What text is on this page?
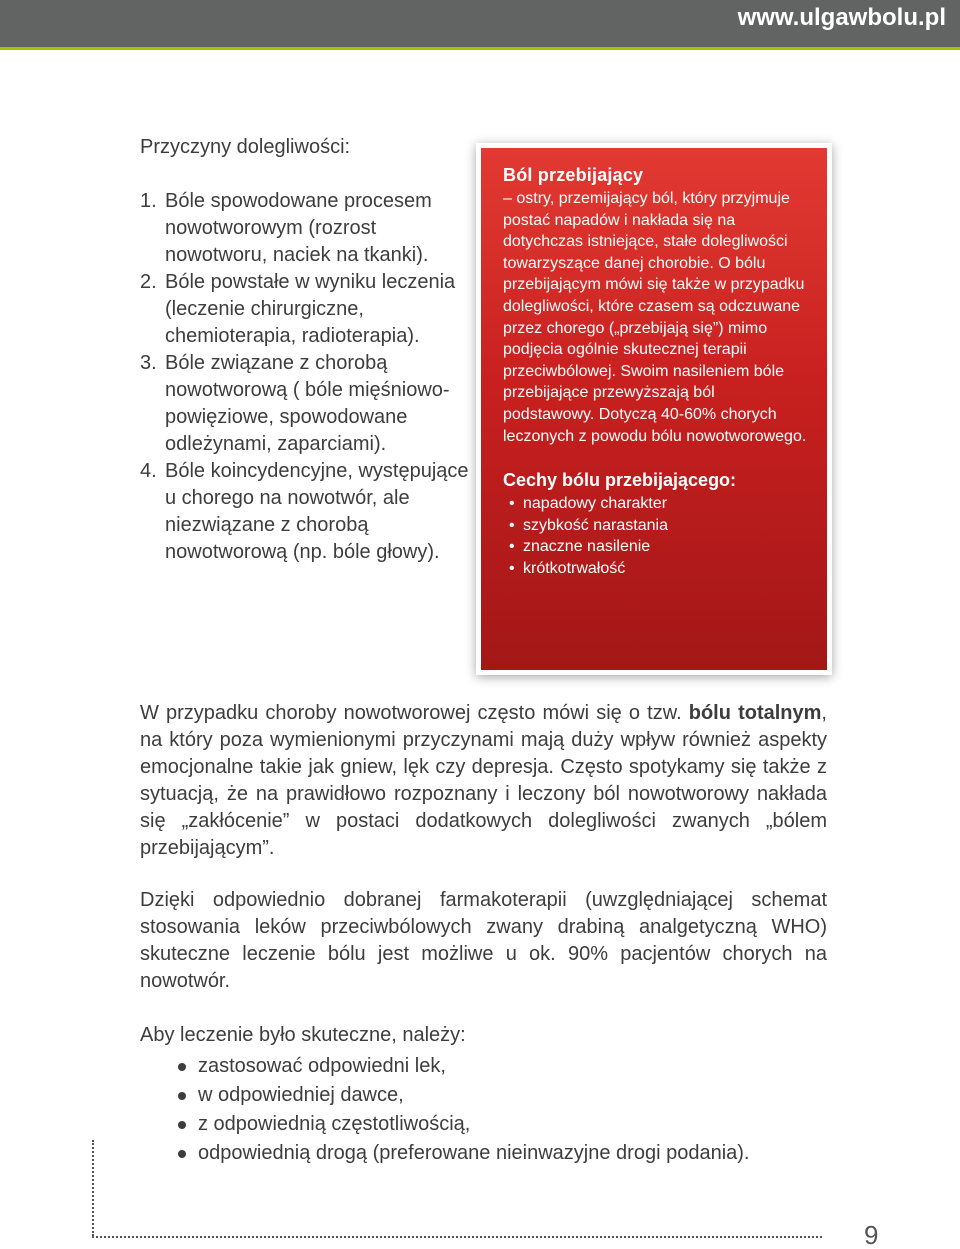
www.ulgawbolu.pl
Przyczyny dolegliwości:
1. Bóle spowodowane procesem nowotworowym (rozrost nowotworu, naciek na tkanki).
2. Bóle powstałe w wyniku leczenia (leczenie chirurgiczne, chemioterapia, radioterapia).
3. Bóle związane z chorobą nowotworową ( bóle mięśniowo-powięziowe, spowodowane odleżynami, zaparciami).
4. Bóle koincydencyjne, występujące u chorego na nowotwór, ale niezwiązane z chorobą nowotworową (np. bóle głowy).
Ból przebijający
– ostry, przemijający ból, który przyjmuje postać napadów i nakłada się na dotychczas istniejące, stałe dolegliwości towarzyszące danej chorobie. O bólu przebijającym mówi się także w przypadku dolegliwości, które czasem są odczuwane przez chorego („przebijają się”) mimo podjęcia ogólnie skutecznej terapii przeciwbólowej. Swoim nasileniem bóle przebijające przewyższają ból podstawowy. Dotyczą 40-60% chorych leczonych z powodu bólu nowotworowego.
Cechy bólu przebijającego:
• napadowy charakter
• szybkość narastania
• znaczne nasilenie
• krótkotrwałość

W przypadku choroby nowotworowej często mówi się o tzw. bólu totalnym, na który poza wymienionymi przyczynami mają duży wpływ również aspekty emocjonalne takie jak gniew, lęk czy depresja. Często spotykamy się także z sytuacją, że na prawidłowo rozpoznany i leczony ból nowotworowy nakłada się „zakłócenie” w postaci dodatkowych dolegliwości zwanych „bólem przebijającym”.

Dzięki odpowiednio dobranej farmakoterapii (uwzględniającej schemat stosowania leków przeciwbólowych zwany drabiną analgetyczną WHO) skuteczne leczenie bólu jest możliwe u ok. 90% pacjentów chorych na nowotwór.

Aby leczenie było skuteczne, należy:
zastosować odpowiedni lek,
w odpowiedniej dawce,
z odpowiednią częstotliwością,
odpowiednią drogą (preferowane nieinwazyjne drogi podania).
9
